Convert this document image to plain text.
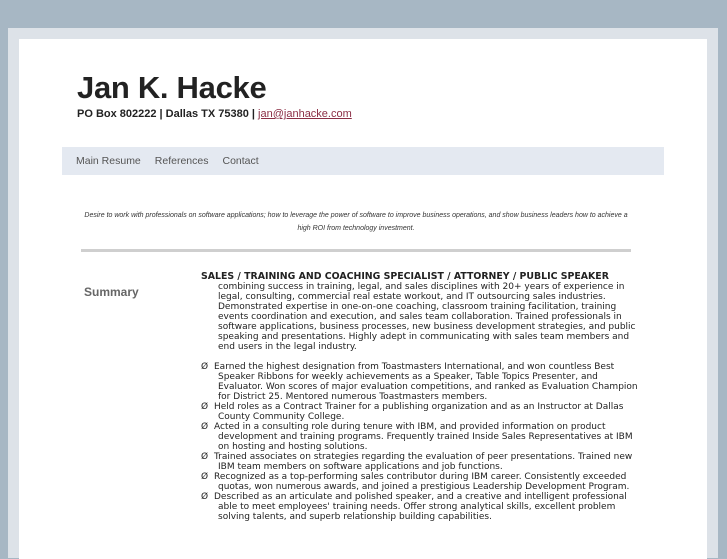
Jan K. Hacke
PO Box 802222 | Dallas TX 75380 | jan@janhacke.com
Main Resume References Contact
Desire to work with professionals on software applications; how to leverage the power of software to improve business operations, and show business leaders how to achieve a high ROI from technology investment.
Summary
SALES / TRAINING AND COACHING SPECIALIST / ATTORNEY / PUBLIC SPEAKER
combining success in training, legal, and sales disciplines with 20+ years of experience in legal, consulting, commercial real estate workout, and IT outsourcing sales industries. Demonstrated expertise in one-on-one coaching, classroom training facilitation, training events coordination and execution, and sales team collaboration. Trained professionals in software applications, business processes, new business development strategies, and public speaking and presentations. Highly adept in communicating with sales team members and end users in the legal industry.
Ø Earned the highest designation from Toastmasters International, and won countless Best Speaker Ribbons for weekly achievements as a Speaker, Table Topics Presenter, and Evaluator. Won scores of major evaluation competitions, and ranked as Evaluation Champion for District 25. Mentored numerous Toastmasters members.
Ø Held roles as a Contract Trainer for a publishing organization and as an Instructor at Dallas County Community College.
Ø Acted in a consulting role during tenure with IBM, and provided information on product development and training programs. Frequently trained Inside Sales Representatives at IBM on hosting and hosting solutions.
Ø Trained associates on strategies regarding the evaluation of peer presentations. Trained new IBM team members on software applications and job functions.
Ø Recognized as a top-performing sales contributor during IBM career. Consistently exceeded quotas, won numerous awards, and joined a prestigious Leadership Development Program.
Ø Described as an articulate and polished speaker, and a creative and intelligent professional able to meet employees' training needs. Offer strong analytical skills, excellent problem solving talents, and superb relationship building capabilities.
